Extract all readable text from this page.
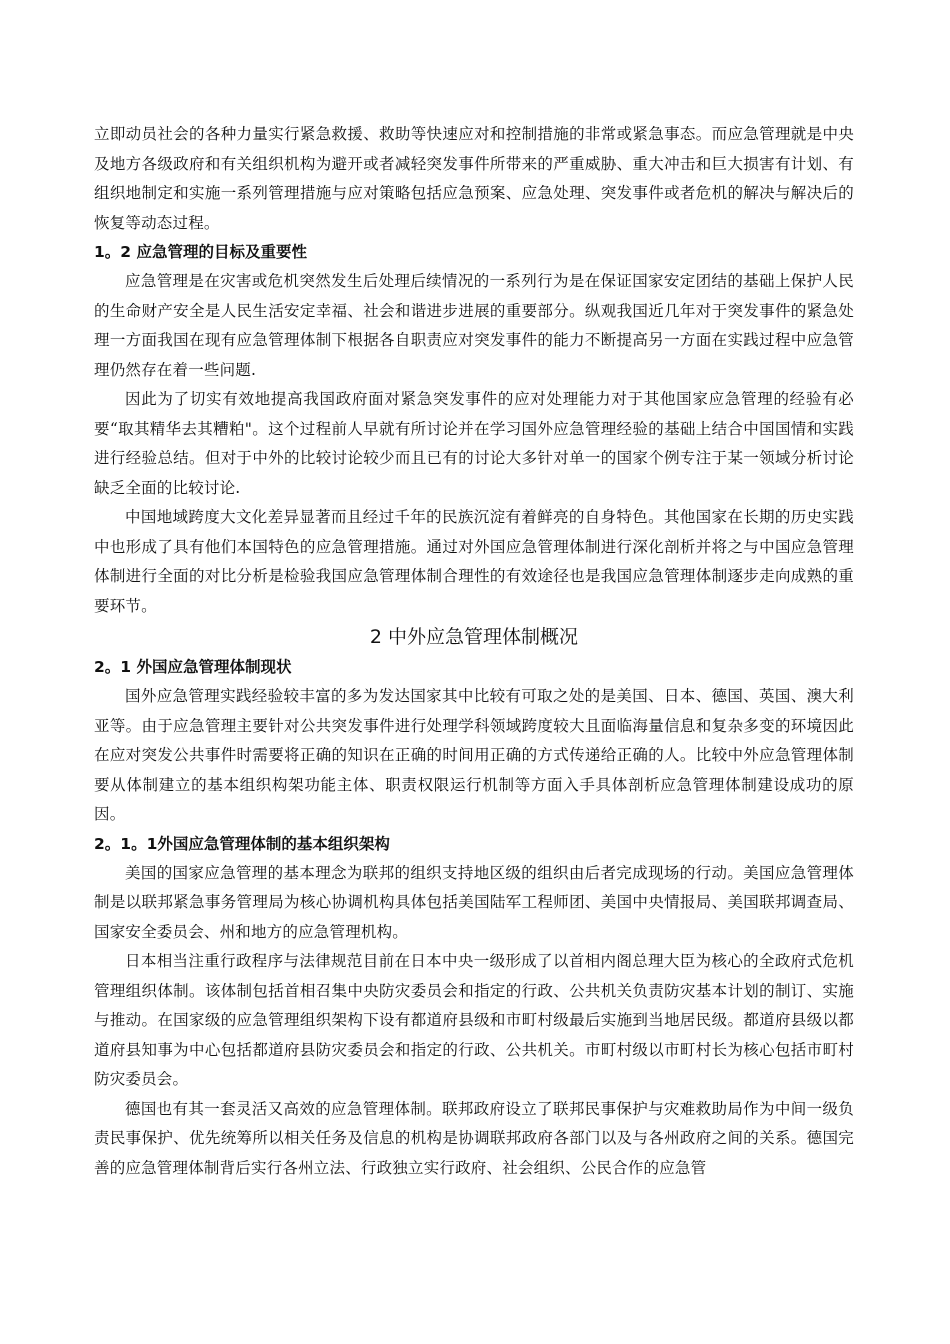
立即动员社会的各种力量实行紧急救援、救助等快速应对和控制措施的非常或紧急事态。而应急管理就是中央及地方各级政府和有关组织机构为避开或者减轻突发事件所带来的严重威胁、重大冲击和巨大损害有计划、有组织地制定和实施一系列管理措施与应对策略包括应急预案、应急处理、突发事件或者危机的解决与解决后的恢复等动态过程。

1。2 应急管理的目标及重要性

应急管理是在灾害或危机突然发生后处理后续情况的一系列行为是在保证国家安定团结的基础上保护人民的生命财产安全是人民生活安定幸福、社会和谐进步进展的重要部分。纵观我国近几年对于突发事件的紧急处理一方面我国在现有应急管理体制下根据各自职责应对突发事件的能力不断提高另一方面在实践过程中应急管理仍然存在着一些问题.

因此为了切实有效地提高我国政府面对紧急突发事件的应对处理能力对于其他国家应急管理的经验有必要“取其精华去其糟粕"。这个过程前人早就有所讨论并在学习国外应急管理经验的基础上结合中国国情和实践进行经验总结。但对于中外的比较讨论较少而且已有的讨论大多针对单一的国家个例专注于某一领域分析讨论缺乏全面的比较讨论.

中国地域跨度大文化差异显著而且经过千年的民族沉淀有着鲜亮的自身特色。其他国家在长期的历史实践中也形成了具有他们本国特色的应急管理措施。通过对外国应急管理体制进行深化剖析并将之与中国应急管理体制进行全面的对比分析是检验我国应急管理体制合理性的有效途径也是我国应急管理体制逐步走向成熟的重要环节。

2 中外应急管理体制概况
2。1 外国应急管理体制现状

国外应急管理实践经验较丰富的多为发达国家其中比较有可取之处的是美国、日本、德国、英国、澳大利亚等。由于应急管理主要针对公共突发事件进行处理学科领域跨度较大且面临海量信息和复杂多变的环境因此在应对突发公共事件时需要将正确的知识在正确的时间用正确的方式传递给正确的人。比较中外应急管理体制要从体制建立的基本组织构架功能主体、职责权限运行机制等方面入手具体剖析应急管理体制建设成功的原因。

2。1。1外国应急管理体制的基本组织架构

美国的国家应急管理的基本理念为联邦的组织支持地区级的组织由后者完成现场的行动。美国应急管理体制是以联邦紧急事务管理局为核心协调机构具体包括美国陆军工程师团、美国中央情报局、美国联邦调查局、国家安全委员会、州和地方的应急管理机构。

日本相当注重行政程序与法律规范目前在日本中央一级形成了以首相内阁总理大臣为核心的全政府式危机管理组织体制。该体制包括首相召集中央防灾委员会和指定的行政、公共机关负责防灾基本计划的制订、实施与推动。在国家级的应急管理组织架构下设有都道府县级和市町村级最后实施到当地居民级。都道府县级以都道府县知事为中心包括都道府县防灾委员会和指定的行政、公共机关。市町村级以市町村长为核心包括市町村防灾委员会。

德国也有其一套灵活又高效的应急管理体制。联邦政府设立了联邦民事保护与灾难救助局作为中间一级负责民事保护、优先统筹所以相关任务及信息的机构是协调联邦政府各部门以及与各州政府之间的关系。德国完善的应急管理体制背后实行各州立法、行政独立实行政府、社会组织、公民合作的应急管
